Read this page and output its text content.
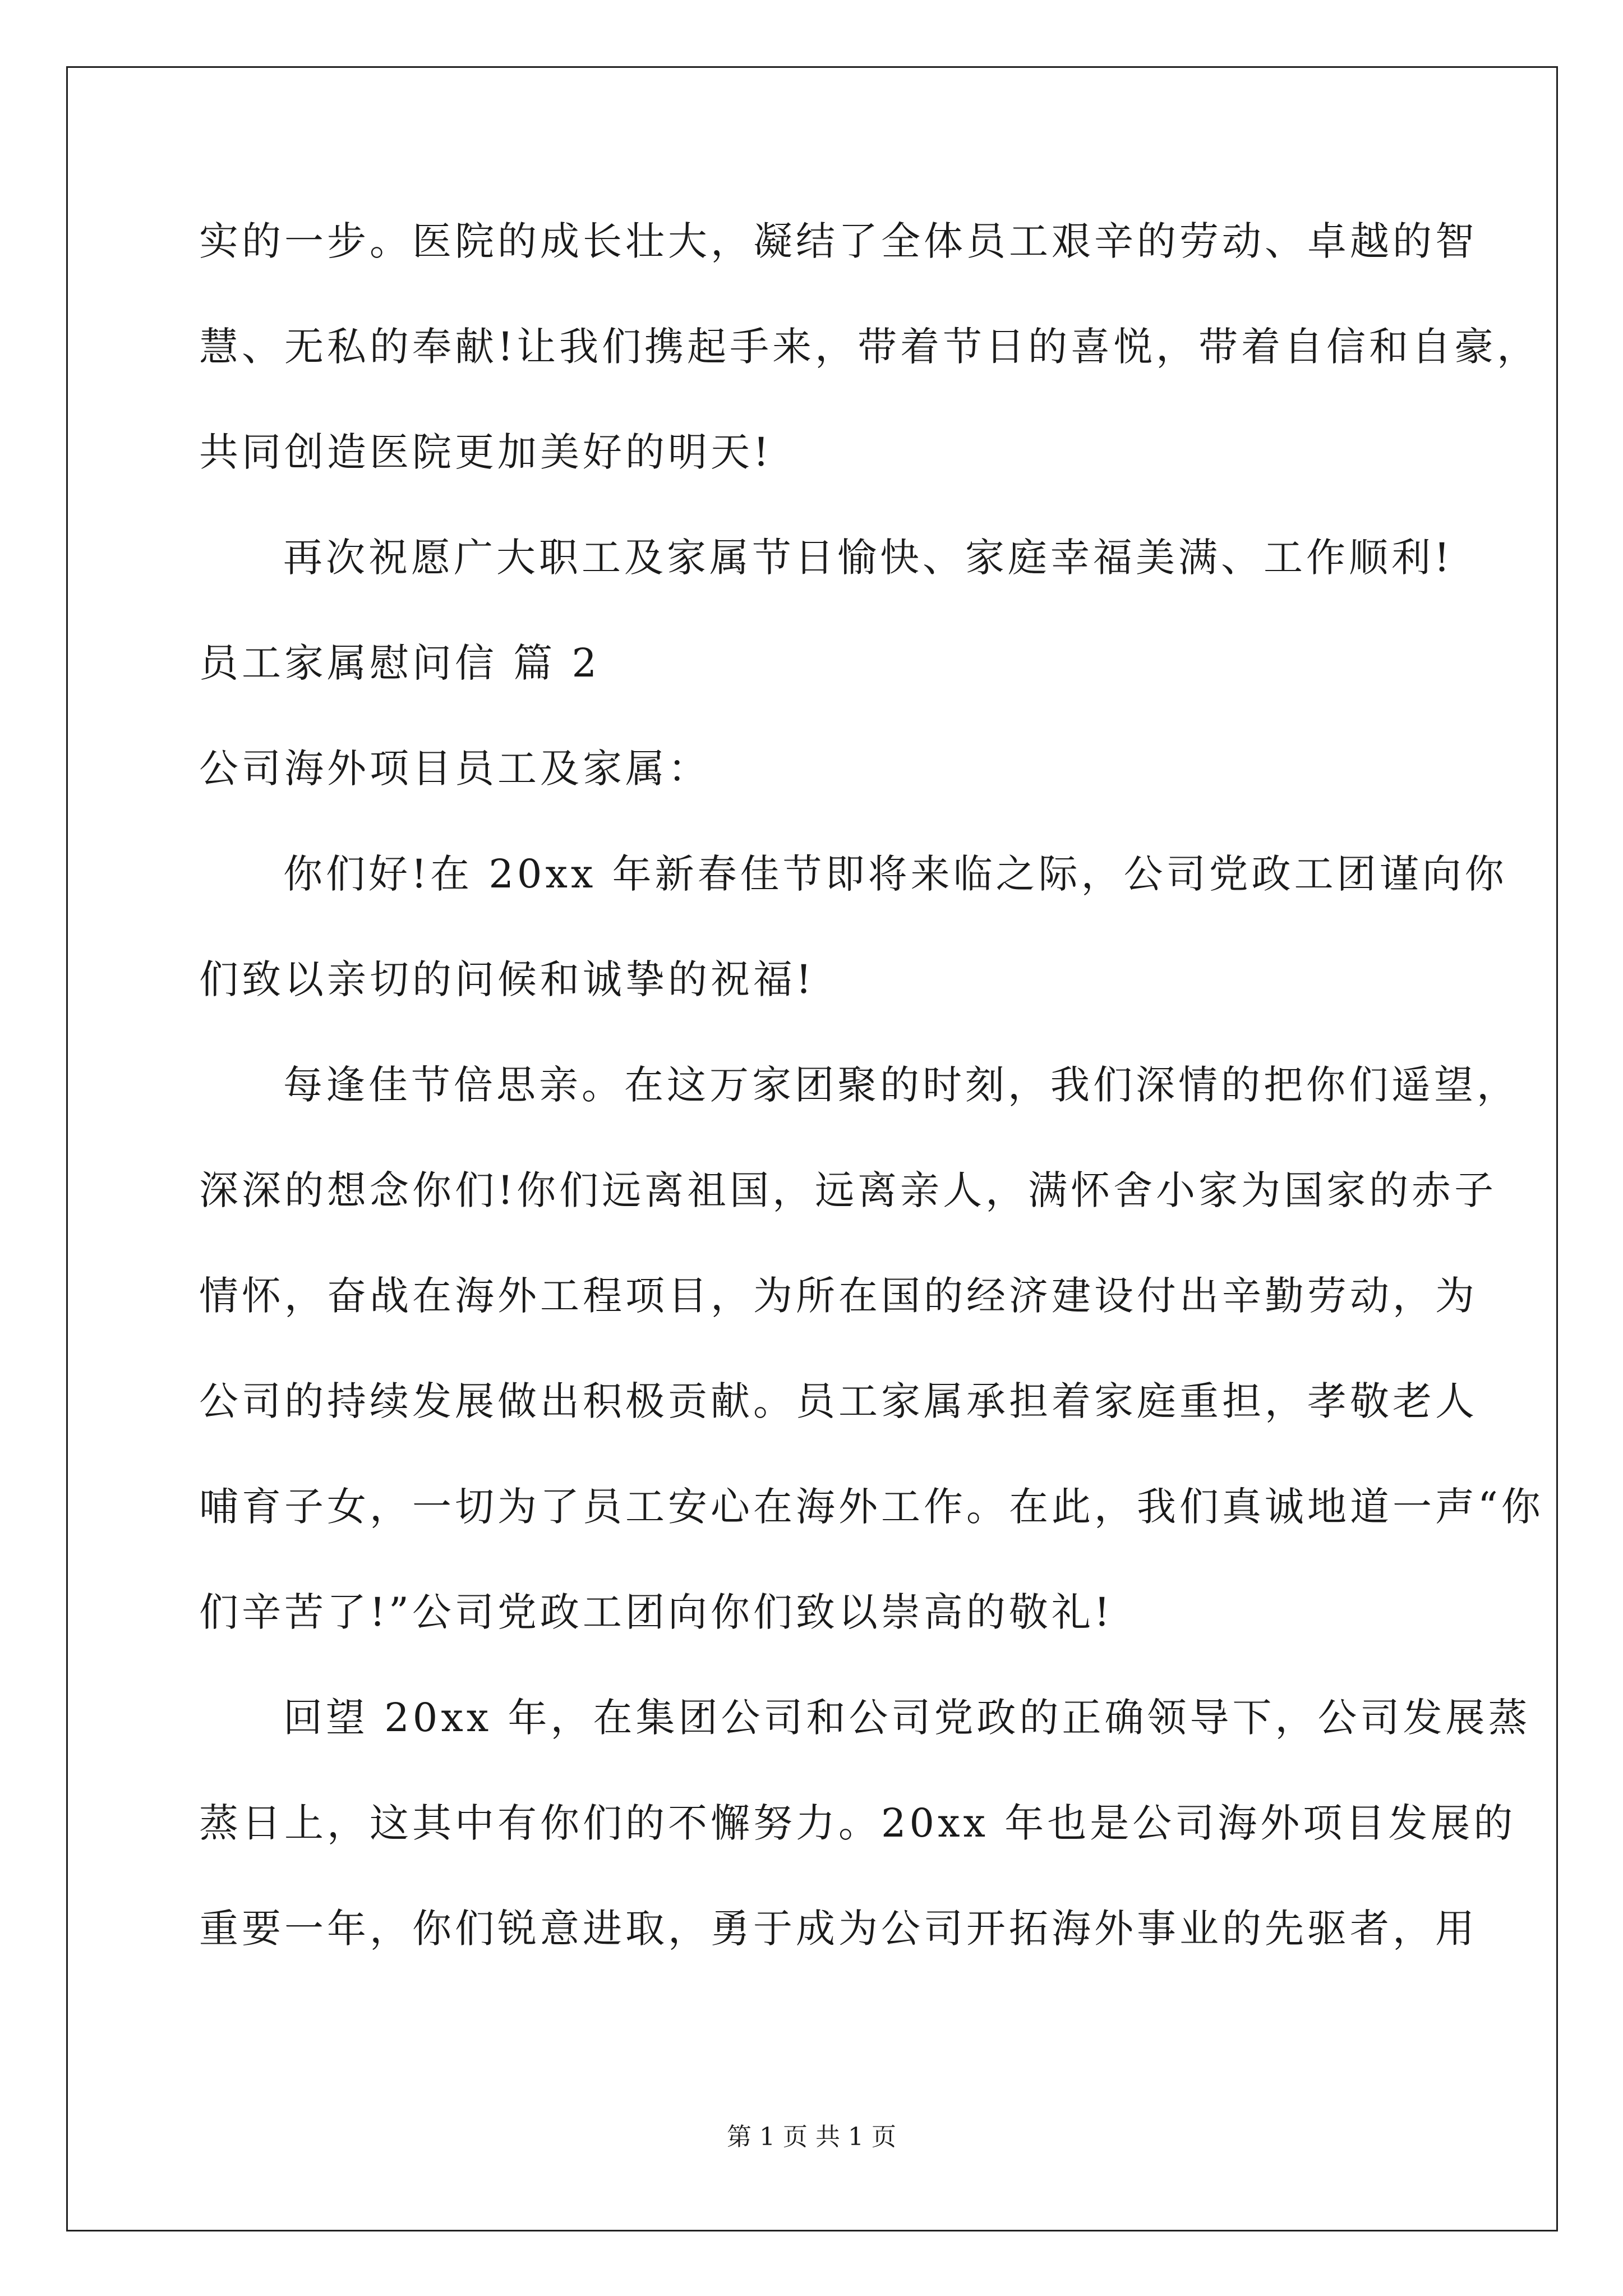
实的一步。医院的成长壮大，凝结了全体员工艰辛的劳动、卓越的智
慧、无私的奉献!让我们携起手来，带着节日的喜悦，带着自信和自豪，
共同创造医院更加美好的明天!
再次祝愿广大职工及家属节日愉快、家庭幸福美满、工作顺利!
员工家属慰问信 篇 2
公司海外项目员工及家属：
你们好!在 20xx 年新春佳节即将来临之际，公司党政工团谨向你
们致以亲切的问候和诚挚的祝福!
每逢佳节倍思亲。在这万家团聚的时刻，我们深情的把你们遥望，
深深的想念你们!你们远离祖国，远离亲人，满怀舍小家为国家的赤子
情怀，奋战在海外工程项目，为所在国的经济建设付出辛勤劳动，为
公司的持续发展做出积极贡献。员工家属承担着家庭重担，孝敬老人
哺育子女，一切为了员工安心在海外工作。在此，我们真诚地道一声“你
们辛苦了!”公司党政工团向你们致以崇高的敬礼!
回望 20xx 年，在集团公司和公司党政的正确领导下，公司发展蒸
蒸日上，这其中有你们的不懈努力。20xx 年也是公司海外项目发展的
重要一年，你们锐意进取，勇于成为公司开拓海外事业的先驱者，用
第 1 页 共 1 页
